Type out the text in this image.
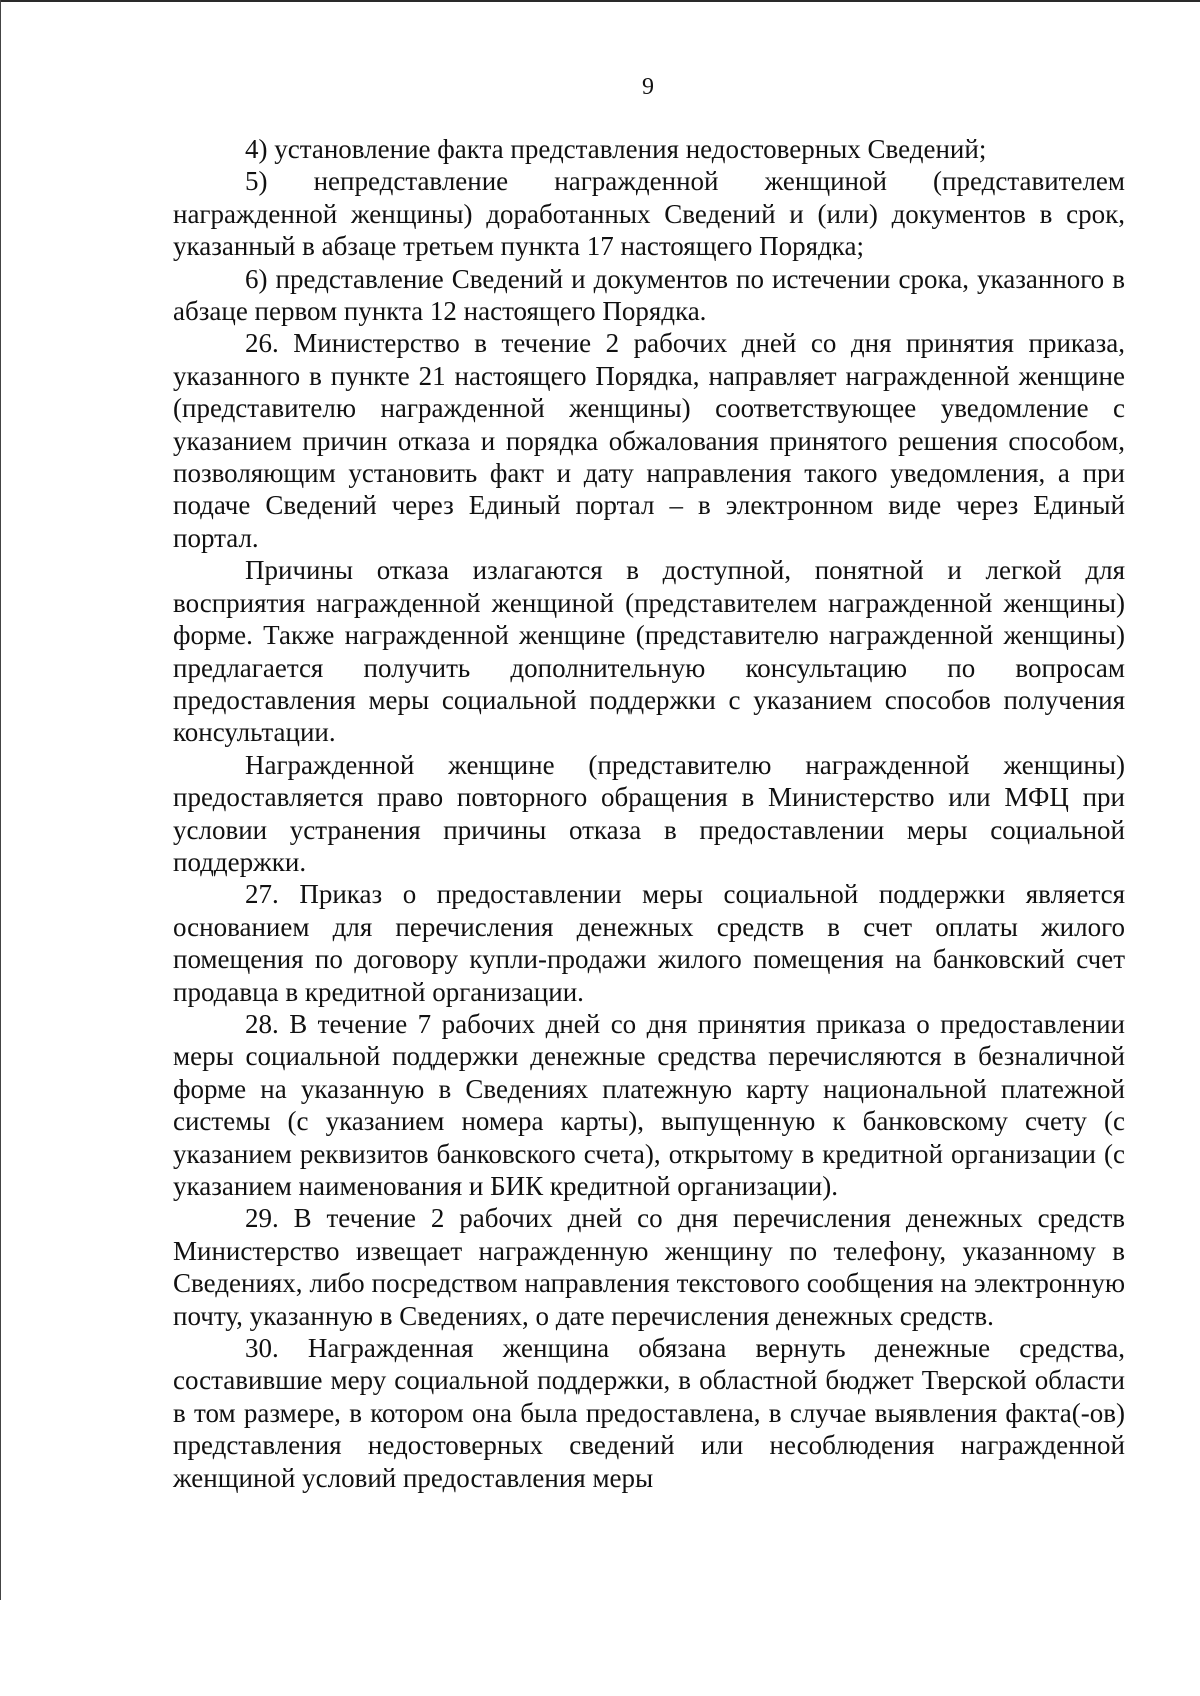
9

4) установление факта представления недостоверных Сведений;

5) непредставление награжденной женщиной (представителем награжденной женщины) доработанных Сведений и (или) документов в срок, указанный в абзаце третьем пункта 17 настоящего Порядка;

6) представление Сведений и документов по истечении срока, указанного в абзаце первом пункта 12 настоящего Порядка.

26. Министерство в течение 2 рабочих дней со дня принятия приказа, указанного в пункте 21 настоящего Порядка, направляет награжденной женщине (представителю награжденной женщины) соответствующее уведомление с указанием причин отказа и порядка обжалования принятого решения способом, позволяющим установить факт и дату направления такого уведомления, а при подаче Сведений через Единый портал – в электронном виде через Единый портал.

Причины отказа излагаются в доступной, понятной и легкой для восприятия награжденной женщиной (представителем награжденной женщины) форме. Также награжденной женщине (представителю награжденной женщины) предлагается получить дополнительную консультацию по вопросам предоставления меры социальной поддержки с указанием способов получения консультации.

Награжденной женщине (представителю награжденной женщины) предоставляется право повторного обращения в Министерство или МФЦ при условии устранения причины отказа в предоставлении меры социальной поддержки.

27. Приказ о предоставлении меры социальной поддержки является основанием для перечисления денежных средств в счет оплаты жилого помещения по договору купли-продажи жилого помещения на банковский счет продавца в кредитной организации.

28. В течение 7 рабочих дней со дня принятия приказа о предоставлении меры социальной поддержки денежные средства перечисляются в безналичной форме на указанную в Сведениях платежную карту национальной платежной системы (с указанием номера карты), выпущенную к банковскому счету (с указанием реквизитов банковского счета), открытому в кредитной организации (с указанием наименования и БИК кредитной организации).

29. В течение 2 рабочих дней со дня перечисления денежных средств Министерство извещает награжденную женщину по телефону, указанному в Сведениях, либо посредством направления текстового сообщения на электронную почту, указанную в Сведениях, о дате перечисления денежных средств.

30. Награжденная женщина обязана вернуть денежные средства, составившие меру социальной поддержки, в областной бюджет Тверской области в том размере, в котором она была предоставлена, в случае выявления факта(-ов) представления недостоверных сведений или несоблюдения награжденной женщиной условий предоставления меры
